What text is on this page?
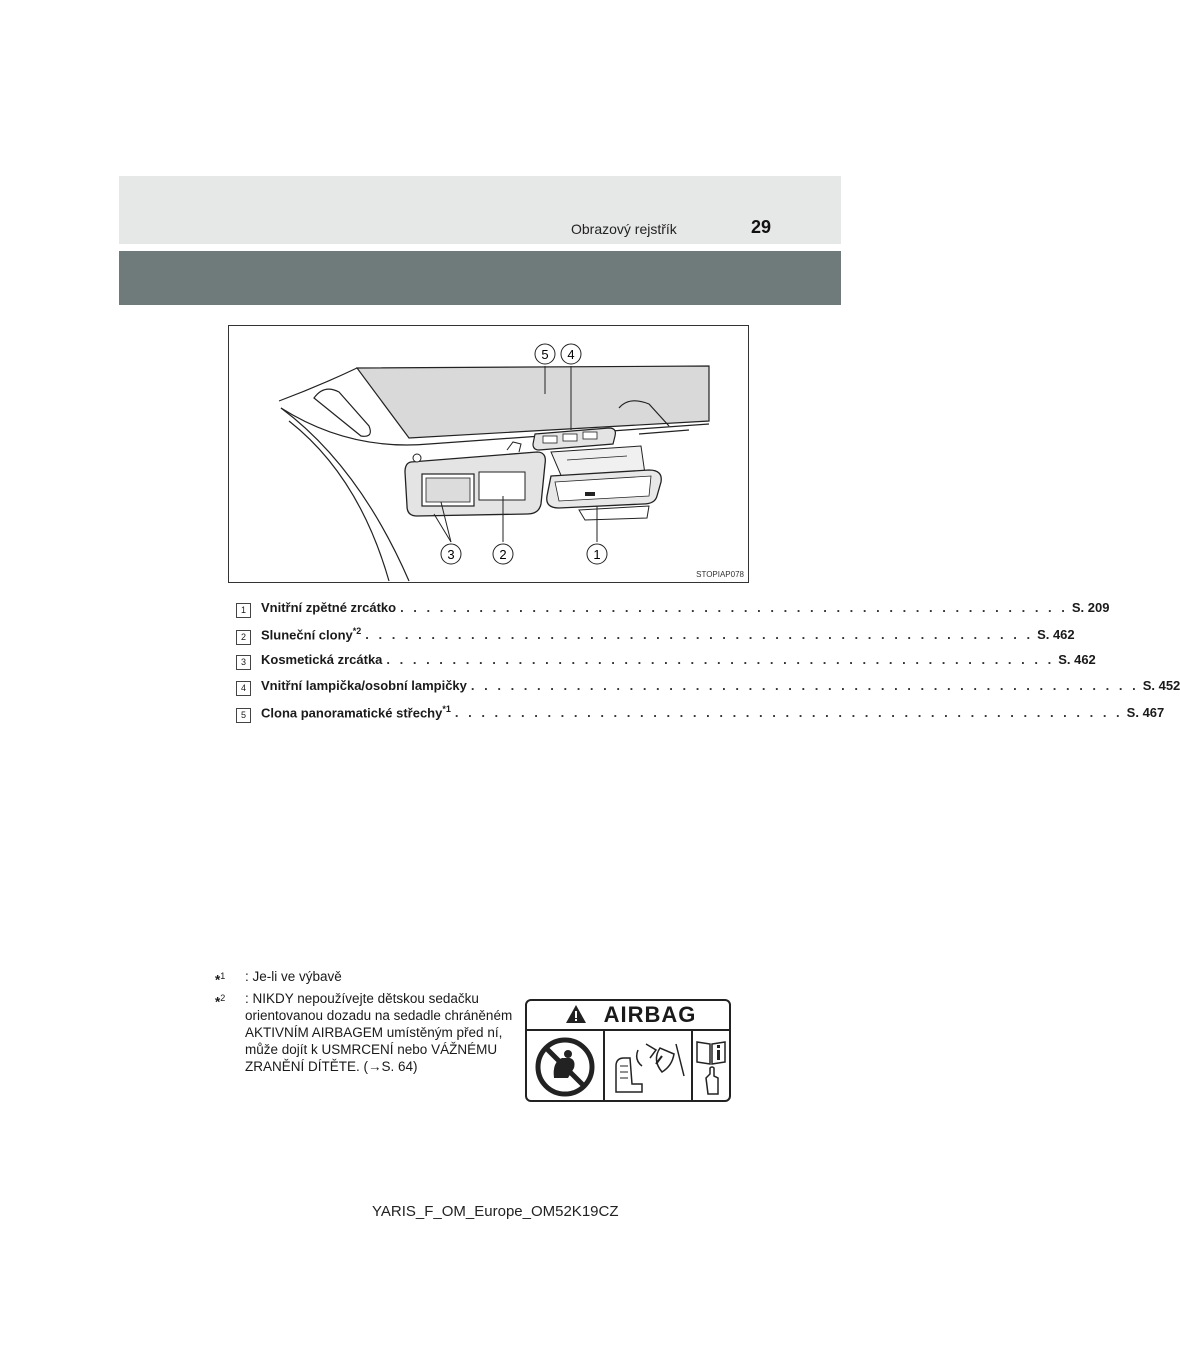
Obrazový rejstřík	29
5 4
3	2	1
STOPIAP078
1	Vnitřní zpětné zrcátko . . . . . . . . . . . . . . . . . . . . . . . . . . . . . . . . . . . . . . . . . . . . . . . . . . . S. 209
2	Sluneční clony$^{*2}$ . . . . . . . . . . . . . . . . . . . . . . . . . . . . . . . . . . . . . . . . . . . . . . . . . . . S. 462
3	Kosmetická zrcátka . . . . . . . . . . . . . . . . . . . . . . . . . . . . . . . . . . . . . . . . . . . . . . . . . . . S. 462
4	Vnitřní lampička/osobní lampičky . . . . . . . . . . . . . . . . . . . . . . . . . . . . . . . . . . . . . . . . . . . . . . . . . . . S. 452
5	Clona panoramatické střechy$^{*1}$ . . . . . . . . . . . . . . . . . . . . . . . . . . . . . . . . . . . . . . . . . . . . . . . . . . . S. 467
*$^1$	: Je-li ve výbavě
*$^2$	: NIKDY nepoužívejte dětskou sedačku orientovanou dozadu na sedadle chráněném AKTIVNÍM AIRBAGEM umístěným před ní, může dojít k USMRCENÍ nebo VÁŽNÉMU ZRANĚNÍ DÍTĚTE. (→S. 64)
AIRBAG
YARIS_F_OM_Europe_OM52K19CZ
